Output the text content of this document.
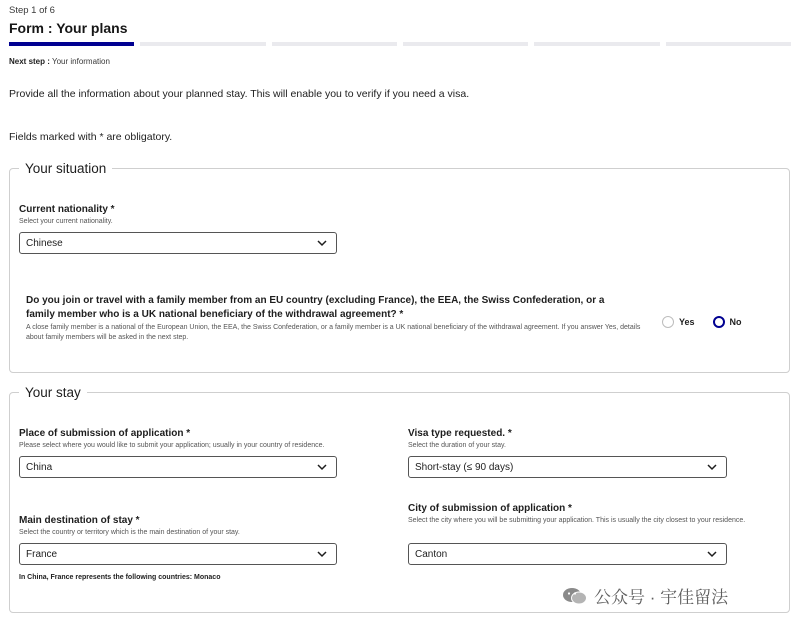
Step 1 of 6
Form : Your plans
Next step : Your information
Provide all the information about your planned stay. This will enable you to verify if you need a visa.
Fields marked with * are obligatory.
Your situation
Current nationality *
Select your current nationality.
Chinese
Do you join or travel with a family member from an EU country (excluding France), the EEA, the Swiss Confederation, or a family member who is a UK national beneficiary of the withdrawal agreement? *
A close family member is a national of the European Union, the EEA, the Swiss Confederation, or a family member is a UK national beneficiary of the withdrawal agreement. If you answer Yes, details about family members will be asked in the next step.
Yes	No
Your stay
Place of submission of application *
Please select where you would like to submit your application; usually in your country of residence.
China
Visa type requested. *
Select the duration of your stay.
Short-stay (≤ 90 days)
Main destination of stay *
Select the country or territory which is the main destination of your stay.
France
City of submission of application *
Select the city where you will be submitting your application. This is usually the city closest to your residence.
Canton
In China, France represents the following countries: Monaco
公众号 · 宇佳留法
